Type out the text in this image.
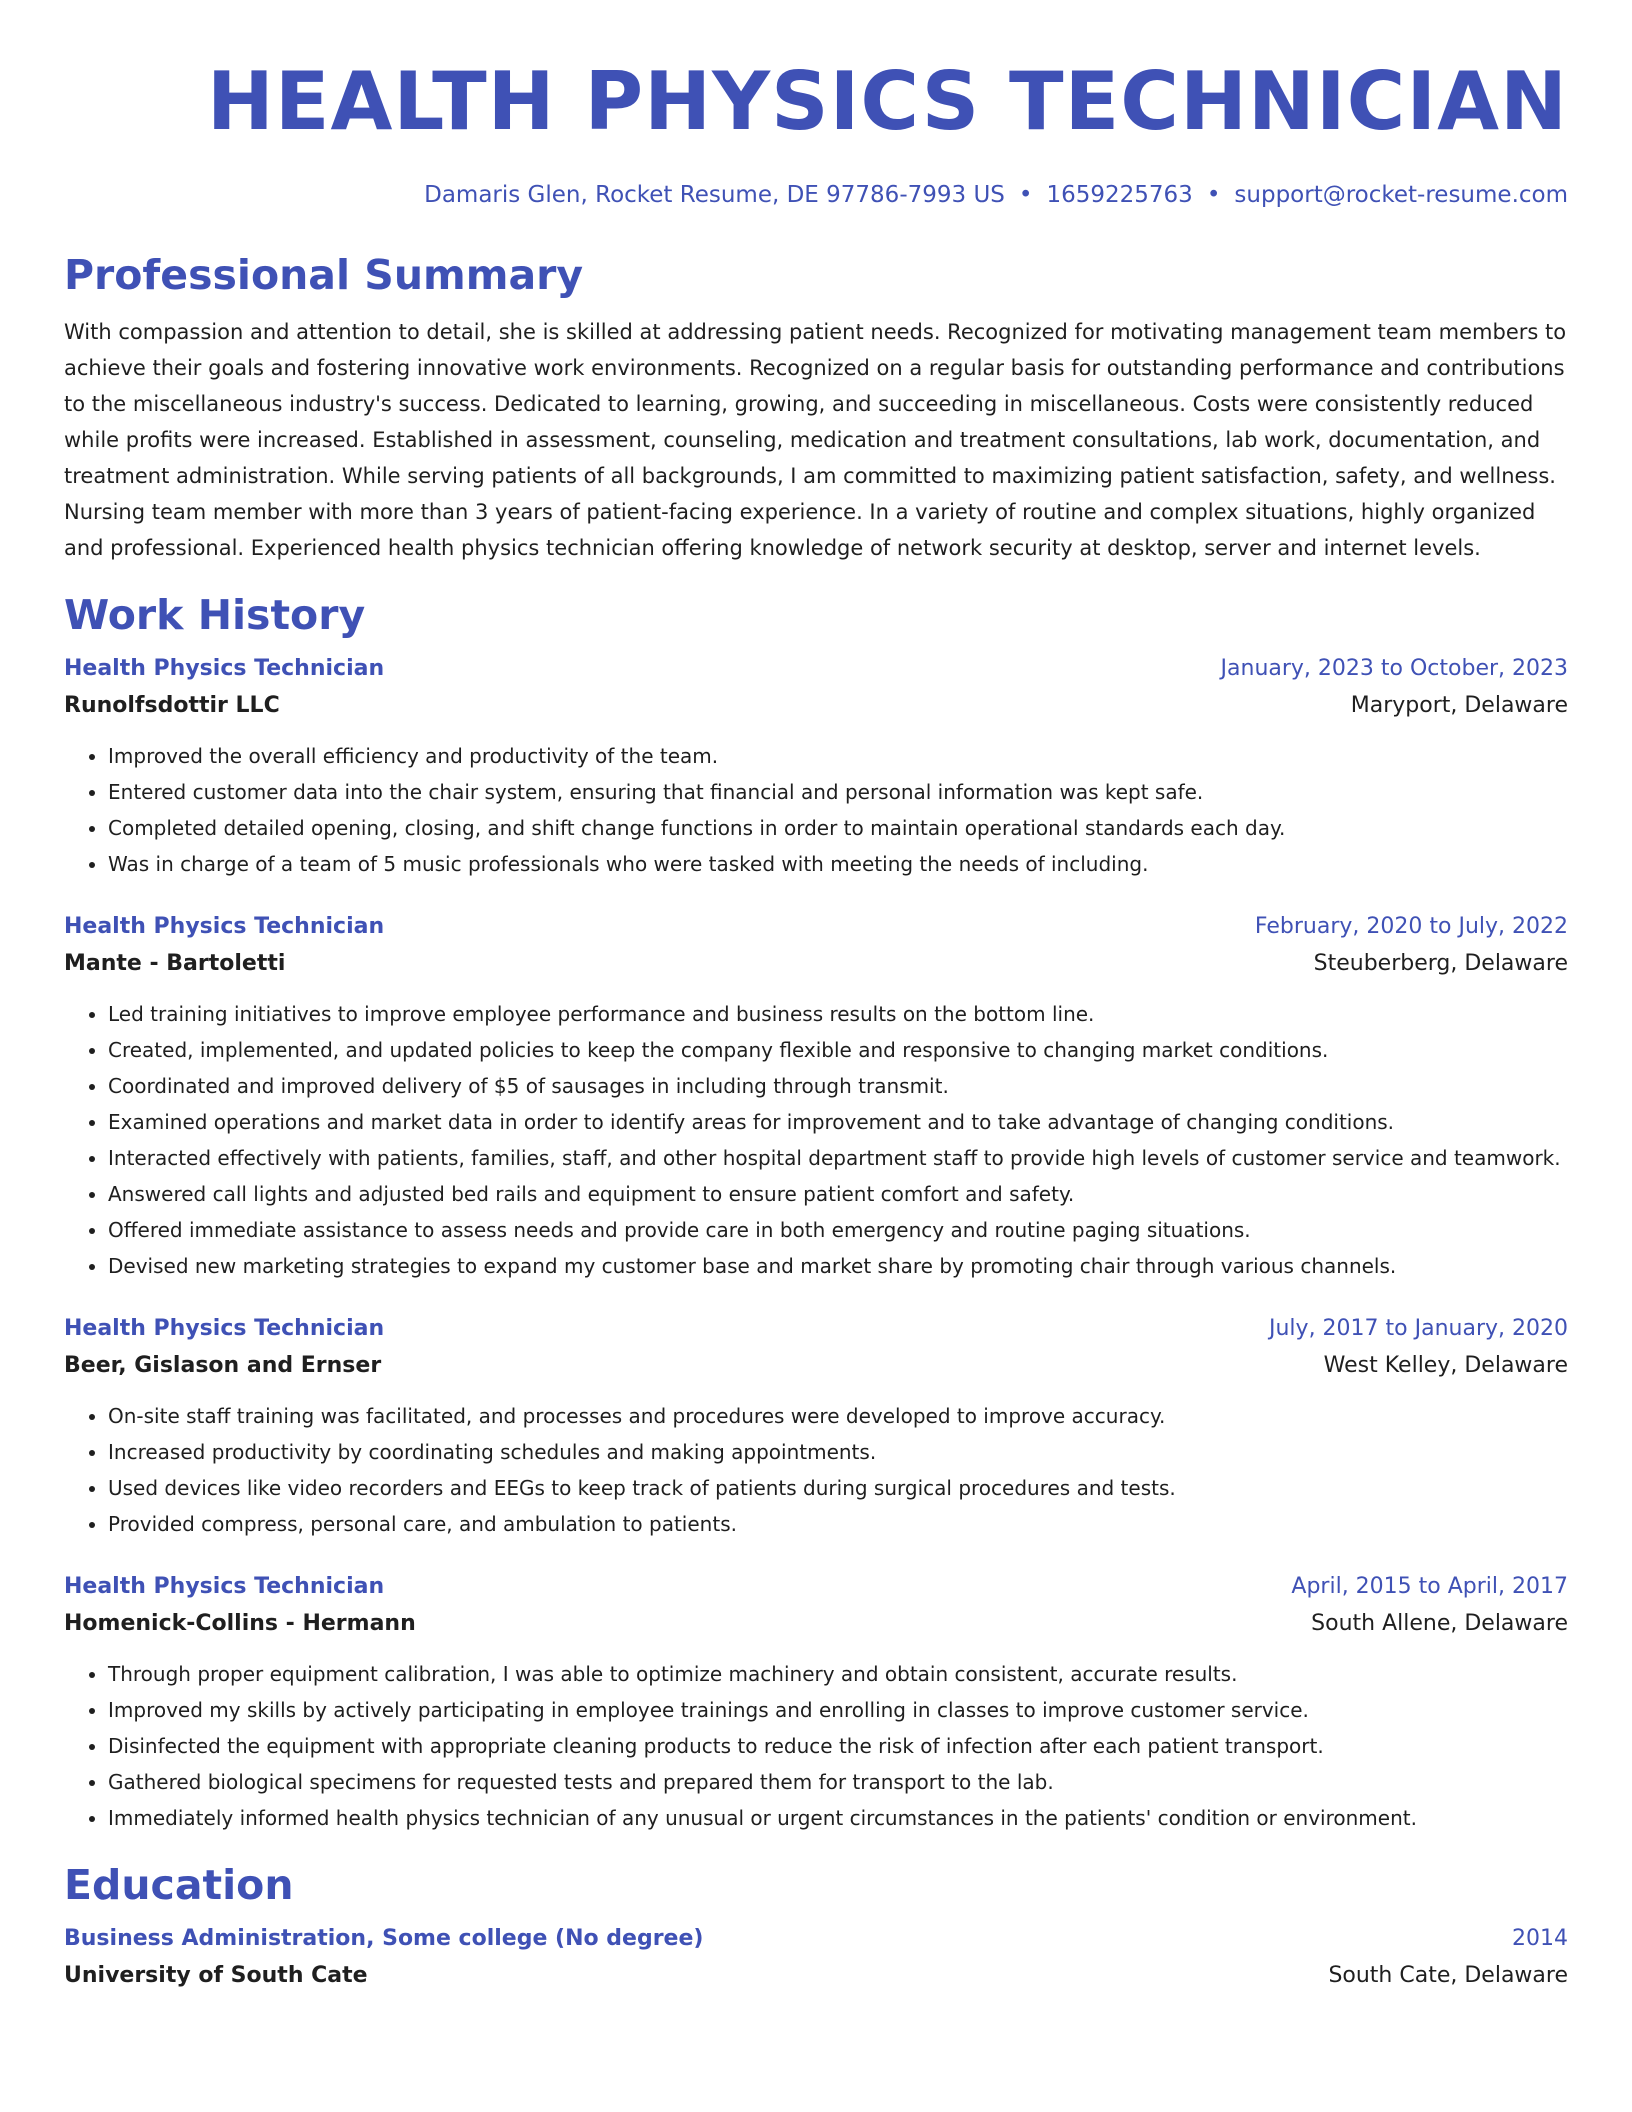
HEALTH PHYSICS TECHNICIAN
Damaris Glen, Rocket Resume, DE 97786-7993 US • 1659225763 • support@rocket-resume.com
Professional Summary

With compassion and attention to detail, she is skilled at addressing patient needs. Recognized for motivating management team members to achieve their goals and fostering innovative work environments. Recognized on a regular basis for outstanding performance and contributions to the miscellaneous industry's success. Dedicated to learning, growing, and succeeding in miscellaneous. Costs were consistently reduced while profits were increased. Established in assessment, counseling, medication and treatment consultations, lab work, documentation, and treatment administration. While serving patients of all backgrounds, I am committed to maximizing patient satisfaction, safety, and wellness. Nursing team member with more than 3 years of patient-facing experience. In a variety of routine and complex situations, highly organized and professional. Experienced health physics technician offering knowledge of network security at desktop, server and internet levels.

Work History
Health Physics Technician	January, 2023 to October, 2023
Runolfsdottir LLC	Maryport, Delaware
• Improved the overall efficiency and productivity of the team.
• Entered customer data into the chair system, ensuring that financial and personal information was kept safe.
• Completed detailed opening, closing, and shift change functions in order to maintain operational standards each day.
• Was in charge of a team of 5 music professionals who were tasked with meeting the needs of including.
Health Physics Technician	February, 2020 to July, 2022
Mante - Bartoletti	Steuberberg, Delaware
• Led training initiatives to improve employee performance and business results on the bottom line.
• Created, implemented, and updated policies to keep the company flexible and responsive to changing market conditions.
• Coordinated and improved delivery of $5 of sausages in including through transmit.
• Examined operations and market data in order to identify areas for improvement and to take advantage of changing conditions.
• Interacted effectively with patients, families, staff, and other hospital department staff to provide high levels of customer service and teamwork.
• Answered call lights and adjusted bed rails and equipment to ensure patient comfort and safety.
• Offered immediate assistance to assess needs and provide care in both emergency and routine paging situations.
• Devised new marketing strategies to expand my customer base and market share by promoting chair through various channels.
Health Physics Technician	July, 2017 to January, 2020
Beer, Gislason and Ernser	West Kelley, Delaware
• On-site staff training was facilitated, and processes and procedures were developed to improve accuracy.
• Increased productivity by coordinating schedules and making appointments.
• Used devices like video recorders and EEGs to keep track of patients during surgical procedures and tests.
• Provided compress, personal care, and ambulation to patients.
Health Physics Technician	April, 2015 to April, 2017
Homenick-Collins - Hermann	South Allene, Delaware
• Through proper equipment calibration, I was able to optimize machinery and obtain consistent, accurate results.
• Improved my skills by actively participating in employee trainings and enrolling in classes to improve customer service.
• Disinfected the equipment with appropriate cleaning products to reduce the risk of infection after each patient transport.
• Gathered biological specimens for requested tests and prepared them for transport to the lab.
• Immediately informed health physics technician of any unusual or urgent circumstances in the patients' condition or environment.
Education
Business Administration, Some college (No degree)	2014
University of South Cate	South Cate, Delaware
